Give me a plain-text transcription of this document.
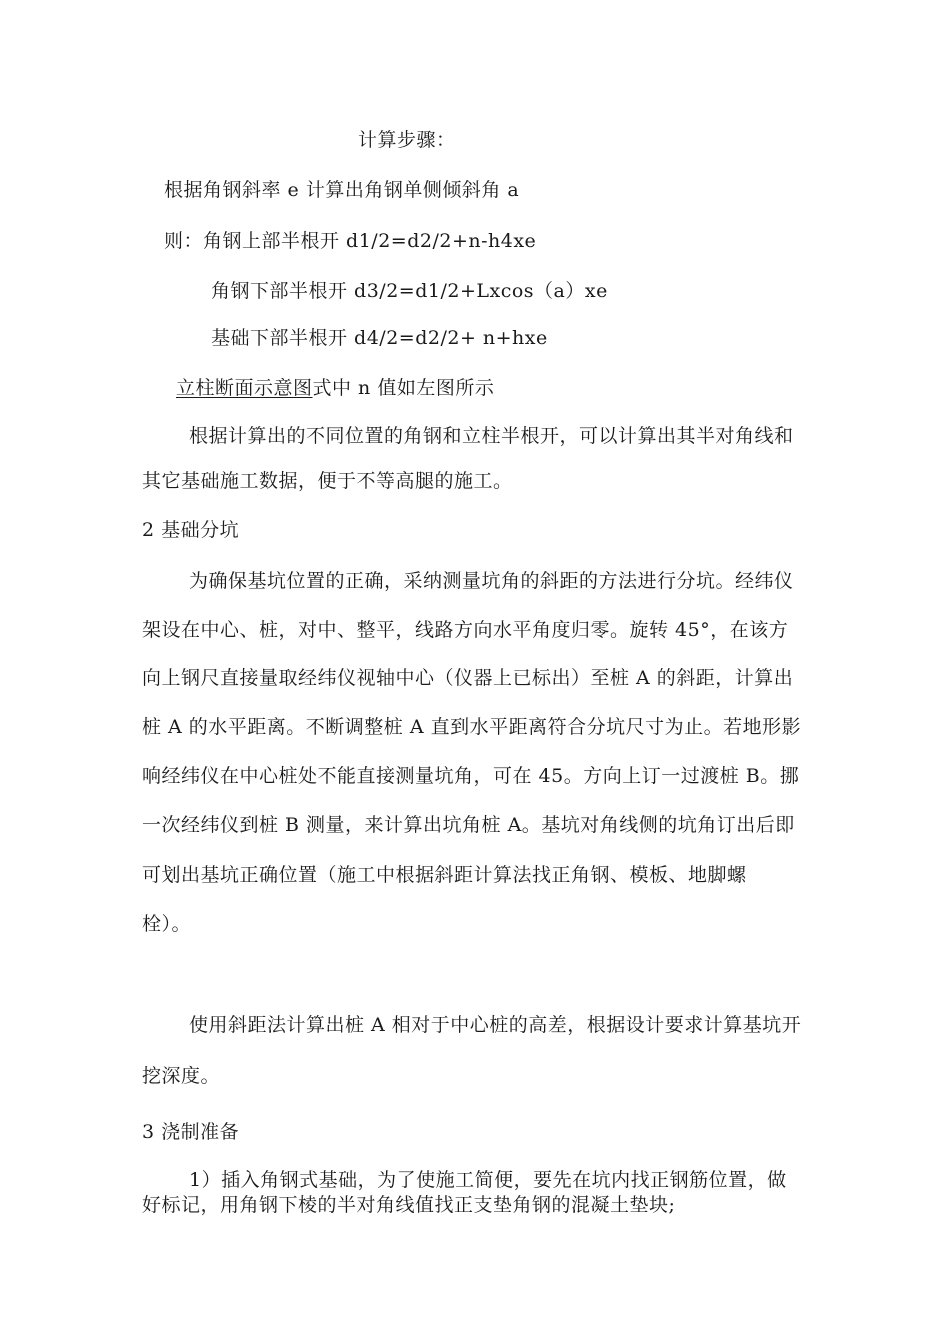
计算步骤：
根据角钢斜率 e 计算出角钢单侧倾斜角 a
则：角钢上部半根开 d1/2=d2/2+n-h4xe
角钢下部半根开 d3/2=d1/2+Lxcos（a）xe
基础下部半根开 d4/2=d2/2+ n+hxe
立柱断面示意图式中 n 值如左图所示
根据计算出的不同位置的角钢和立柱半根开，可以计算出其半对角线和
其它基础施工数据，便于不等高腿的施工。
2 基础分坑
为确保基坑位置的正确，采纳测量坑角的斜距的方法进行分坑。经纬仪
架设在中心、桩，对中、整平，线路方向水平角度归零。旋转 45°，在该方
向上钢尺直接量取经纬仪视轴中心（仪器上已标出）至桩 A 的斜距，计算出
桩 A 的水平距离。不断调整桩 A 直到水平距离符合分坑尺寸为止。若地形影
响经纬仪在中心桩处不能直接测量坑角，可在 45。方向上订一过渡桩 B。挪
一次经纬仪到桩 B 测量，来计算出坑角桩 A。基坑对角线侧的坑角订出后即
可划出基坑正确位置（施工中根据斜距计算法找正角钢、模板、地脚螺
栓）。
使用斜距法计算出桩 A 相对于中心桩的高差，根据设计要求计算基坑开
挖深度。
3 浇制准备
1）插入角钢式基础，为了使施工简便，要先在坑内找正钢筋位置，做
好标记，用角钢下棱的半对角线值找正支垫角钢的混凝土垫块;
